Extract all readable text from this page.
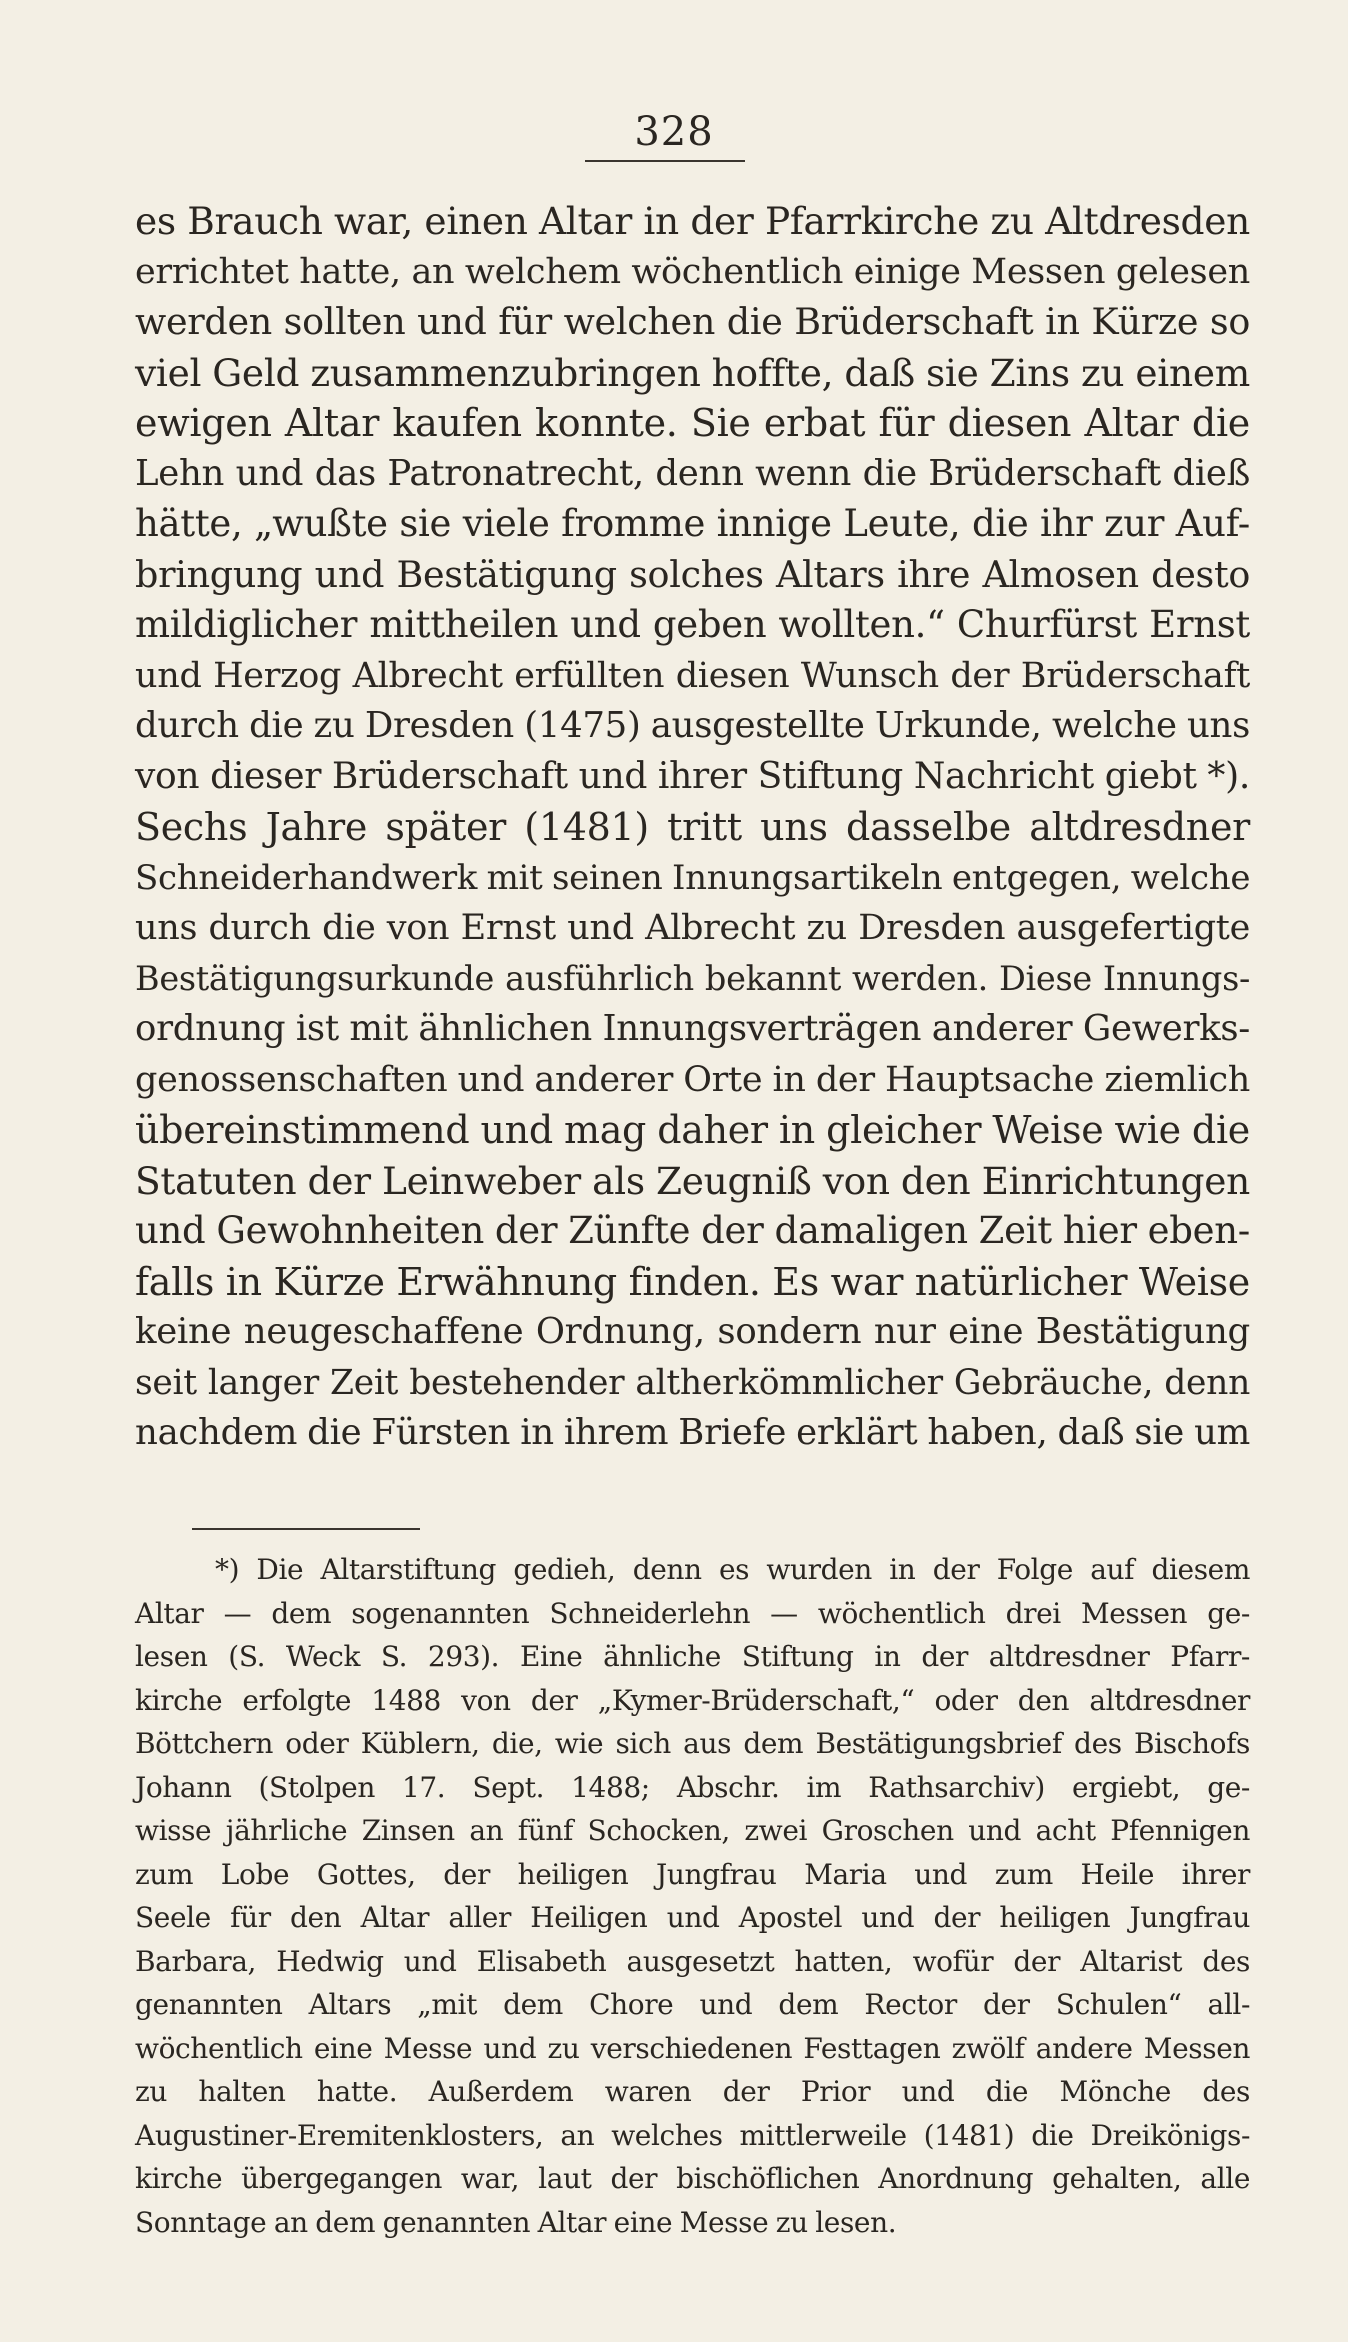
328
es Brauch war, einen Altar in der Pfarrkirche zu Altdresden
errichtet hatte, an welchem wöchentlich einige Messen gelesen
werden sollten und für welchen die Brüderschaft in Kürze so
viel Geld zusammenzubringen hoffte, daß sie Zins zu einem
ewigen Altar kaufen konnte. Sie erbat für diesen Altar die
Lehn und das Patronatrecht, denn wenn die Brüderschaft dieß
hätte, „wußte sie viele fromme innige Leute, die ihr zur Auf-
bringung und Bestätigung solches Altars ihre Almosen desto
mildiglicher mittheilen und geben wollten.“ Churfürst Ernst
und Herzog Albrecht erfüllten diesen Wunsch der Brüderschaft
durch die zu Dresden (1475) ausgestellte Urkunde, welche uns
von dieser Brüderschaft und ihrer Stiftung Nachricht giebt *).
Sechs Jahre später (1481) tritt uns dasselbe altdresdner
Schneiderhandwerk mit seinen Innungsartikeln entgegen, welche
uns durch die von Ernst und Albrecht zu Dresden ausgefertigte
Bestätigungsurkunde ausführlich bekannt werden. Diese Innungs-
ordnung ist mit ähnlichen Innungsverträgen anderer Gewerks-
genossenschaften und anderer Orte in der Hauptsache ziemlich
übereinstimmend und mag daher in gleicher Weise wie die
Statuten der Leinweber als Zeugniß von den Einrichtungen
und Gewohnheiten der Zünfte der damaligen Zeit hier eben-
falls in Kürze Erwähnung finden. Es war natürlicher Weise
keine neugeschaffene Ordnung, sondern nur eine Bestätigung
seit langer Zeit bestehender altherkömmlicher Gebräuche, denn
nachdem die Fürsten in ihrem Briefe erklärt haben, daß sie um
*) Die Altarstiftung gedieh, denn es wurden in der Folge auf diesem
Altar — dem sogenannten Schneiderlehn — wöchentlich drei Messen ge-
lesen (S. Weck S. 293). Eine ähnliche Stiftung in der altdresdner Pfarr-
kirche erfolgte 1488 von der „Kymer-Brüderschaft,“ oder den altdresdner
Böttchern oder Küblern, die, wie sich aus dem Bestätigungsbrief des Bischofs
Johann (Stolpen 17. Sept. 1488; Abschr. im Rathsarchiv) ergiebt, ge-
wisse jährliche Zinsen an fünf Schocken, zwei Groschen und acht Pfennigen
zum Lobe Gottes, der heiligen Jungfrau Maria und zum Heile ihrer
Seele für den Altar aller Heiligen und Apostel und der heiligen Jungfrau
Barbara, Hedwig und Elisabeth ausgesetzt hatten, wofür der Altarist des
genannten Altars „mit dem Chore und dem Rector der Schulen“ all-
wöchentlich eine Messe und zu verschiedenen Festtagen zwölf andere Messen
zu halten hatte. Außerdem waren der Prior und die Mönche des
Augustiner-Eremitenklosters, an welches mittlerweile (1481) die Dreikönigs-
kirche übergegangen war, laut der bischöflichen Anordnung gehalten, alle
Sonntage an dem genannten Altar eine Messe zu lesen.
